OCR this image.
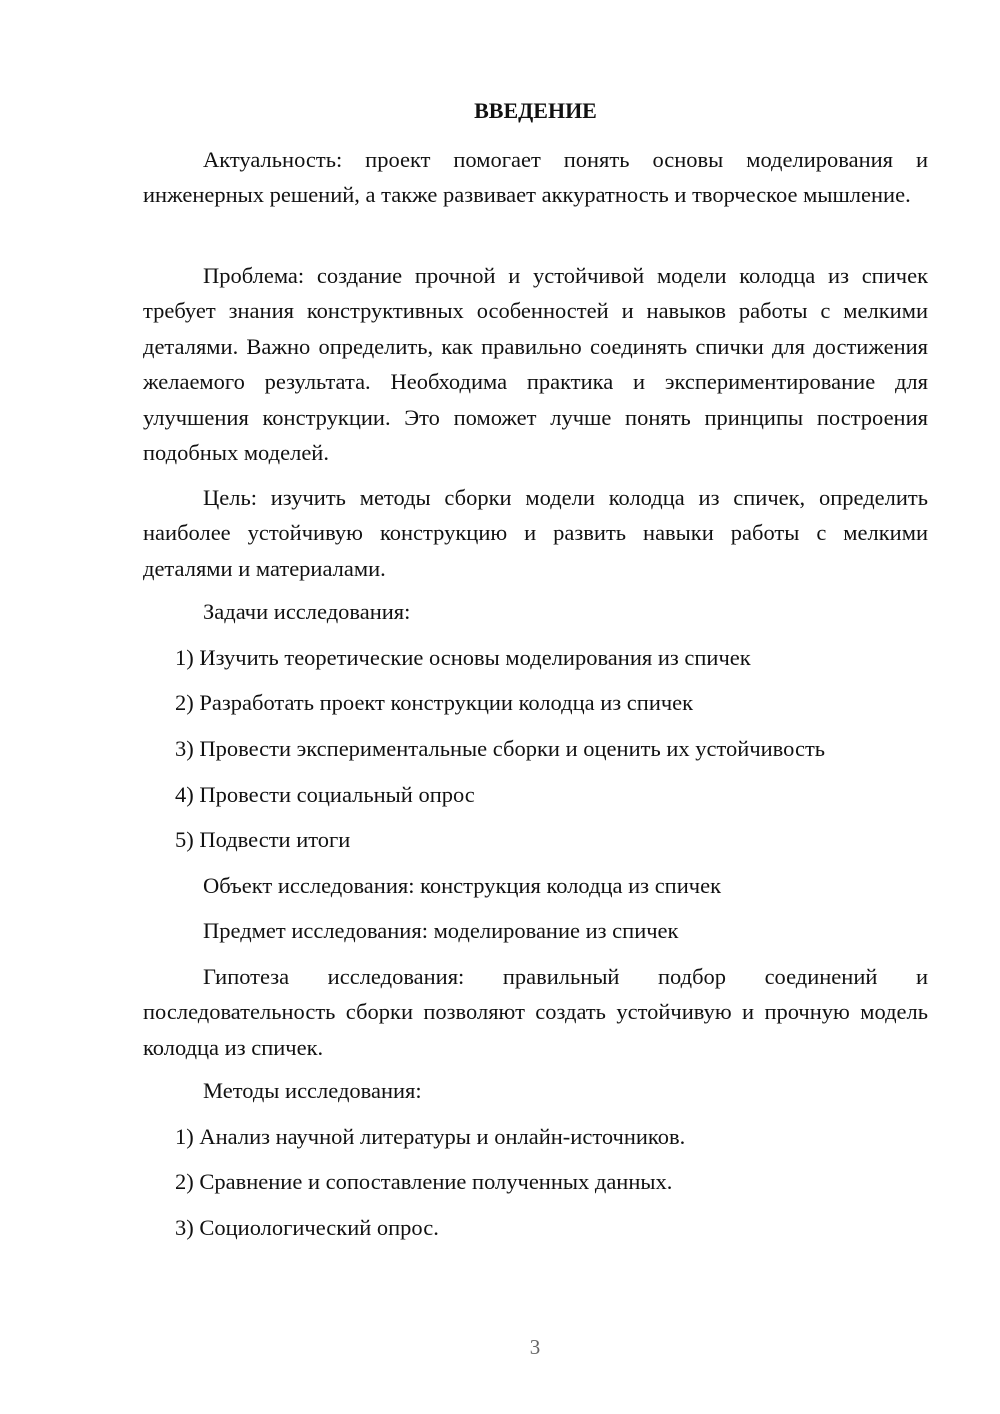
ВВЕДЕНИЕ

Актуальность: проект помогает понять основы моделирования и инженерных решений, а также развивает аккуратность и творческое мышление.

Проблема: создание прочной и устойчивой модели колодца из спичек требует знания конструктивных особенностей и навыков работы с мелкими деталями. Важно определить, как правильно соединять спички для достижения желаемого результата. Необходима практика и экспериментирование для улучшения конструкции. Это поможет лучше понять принципы построения подобных моделей.

Цель: изучить методы сборки модели колодца из спичек, определить наиболее устойчивую конструкцию и развить навыки работы с мелкими деталями и материалами.

Задачи исследования:

1) Изучить теоретические основы моделирования из спичек

2) Разработать проект конструкции колодца из спичек

3) Провести экспериментальные сборки и оценить их устойчивость

4) Провести социальный опрос

5) Подвести итоги

Объект исследования: конструкция колодца из спичек

Предмет исследования: моделирование из спичек

Гипотеза исследования: правильный подбор соединений и последовательность сборки позволяют создать устойчивую и прочную модель колодца из спичек.

Методы исследования:

1) Анализ научной литературы и онлайн-источников.

2) Сравнение и сопоставление полученных данных.

3) Социологический опрос.

3
